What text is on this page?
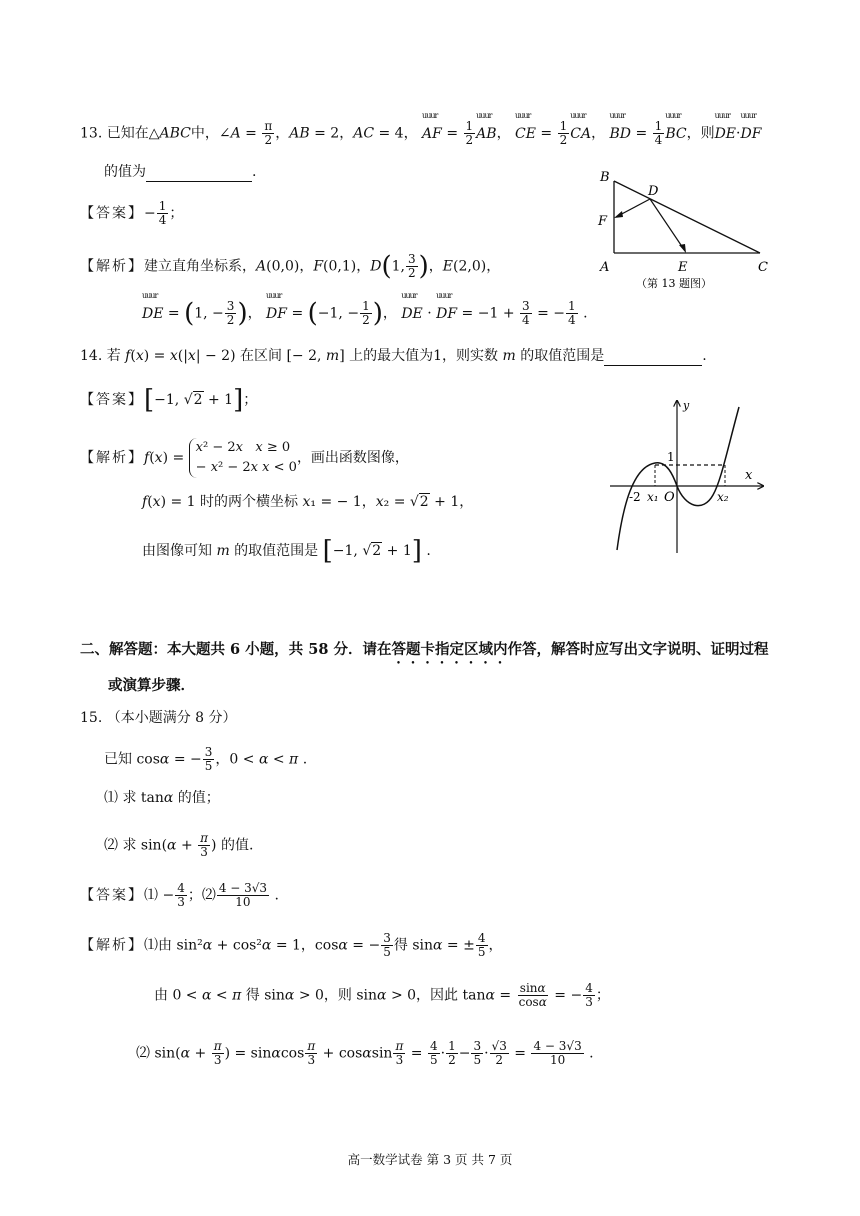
13. 已知在△ABC中，∠A = $\frac{\pi}{2}$ ，AB = 2，AC = 4， uuur AF = $\frac{1}{2}$ uuur AB， uuur CE = $\frac{1}{2}$ uuur CA， uuur BD = $\frac{1}{4}$ uuur BC，则uuur DE·uuur DF
的值为	.
【答案】− $\frac{1}{4}$ ；
【解析】建立直角坐标系，A(0,0)，F(0,1)，D(1, $\frac{3}{2}$ )，E(2,0)，
uuur DE = (1, − $\frac{3}{2}$ )， uuur DF = (−1, − $\frac{1}{2}$ )， uuur DE · uuur DF = $-1 + \frac{3}{4}$ = − $\frac{1}{4}$ .
B
D
F
A	E	C
（第 13 题图）
14. 若 f(x) = x(|x| − 2) 在区间 [− 2, m] 上的最大值为1，则实数 m 的取值范围是	.
【答案】[−1, √2 + 1]；
【解析】f(x) =
x² − 2x x ≥ 0
− x² − 2x x < 0
，画出函数图像，
f(x) = 1 时的两个横坐标 x₁ = − 1，x₂ = √2 + 1，
由图像可知 m 的取值范围是 [−1, √2 + 1] .
y
x
1
-2 x₁ O	x₂
二、解答题：本大题共 6 小题，共 58 分．请在答题卡指定区域内作答，解答时应写出文字说明、证明过程
或演算步骤．
15. （本小题满分 8 分）
已知 cosα = − $\frac{3}{5}$ ，0 < α < π .
⑴ 求 tanα 的值；
⑵ 求 $\sin(\alpha + \frac{\pi}{3}$ ) 的值.
【答案】⑴ − $\frac{4}{3}$ ；⑵ $\frac{4 - 3√3}{10}$ .
【解析】⑴由 sin²α + cos²α = 1，cosα = − $\frac{3}{5}$ 得 sinα = ± $\frac{4}{5}$ ，
由 0 < α < π 得 sinα > 0，则 sinα > 0，因此 $\tan\alpha = \frac{\sin\alpha}{\cos\alpha}$ = − $\frac{4}{3}$ ；
⑵ $\sin(\alpha + \frac{\pi}{3}$ ) = sinαcos $\frac{\pi}{3} + \cos\alpha\sin \frac{\pi}{3} = \frac{4}{5} \cdot \frac{1}{2} - \frac{3}{5} \cdot \frac{√3}{2} = \frac{4 - 3√3}{10}$ .
高一数学试卷 第 3 页 共 7 页
